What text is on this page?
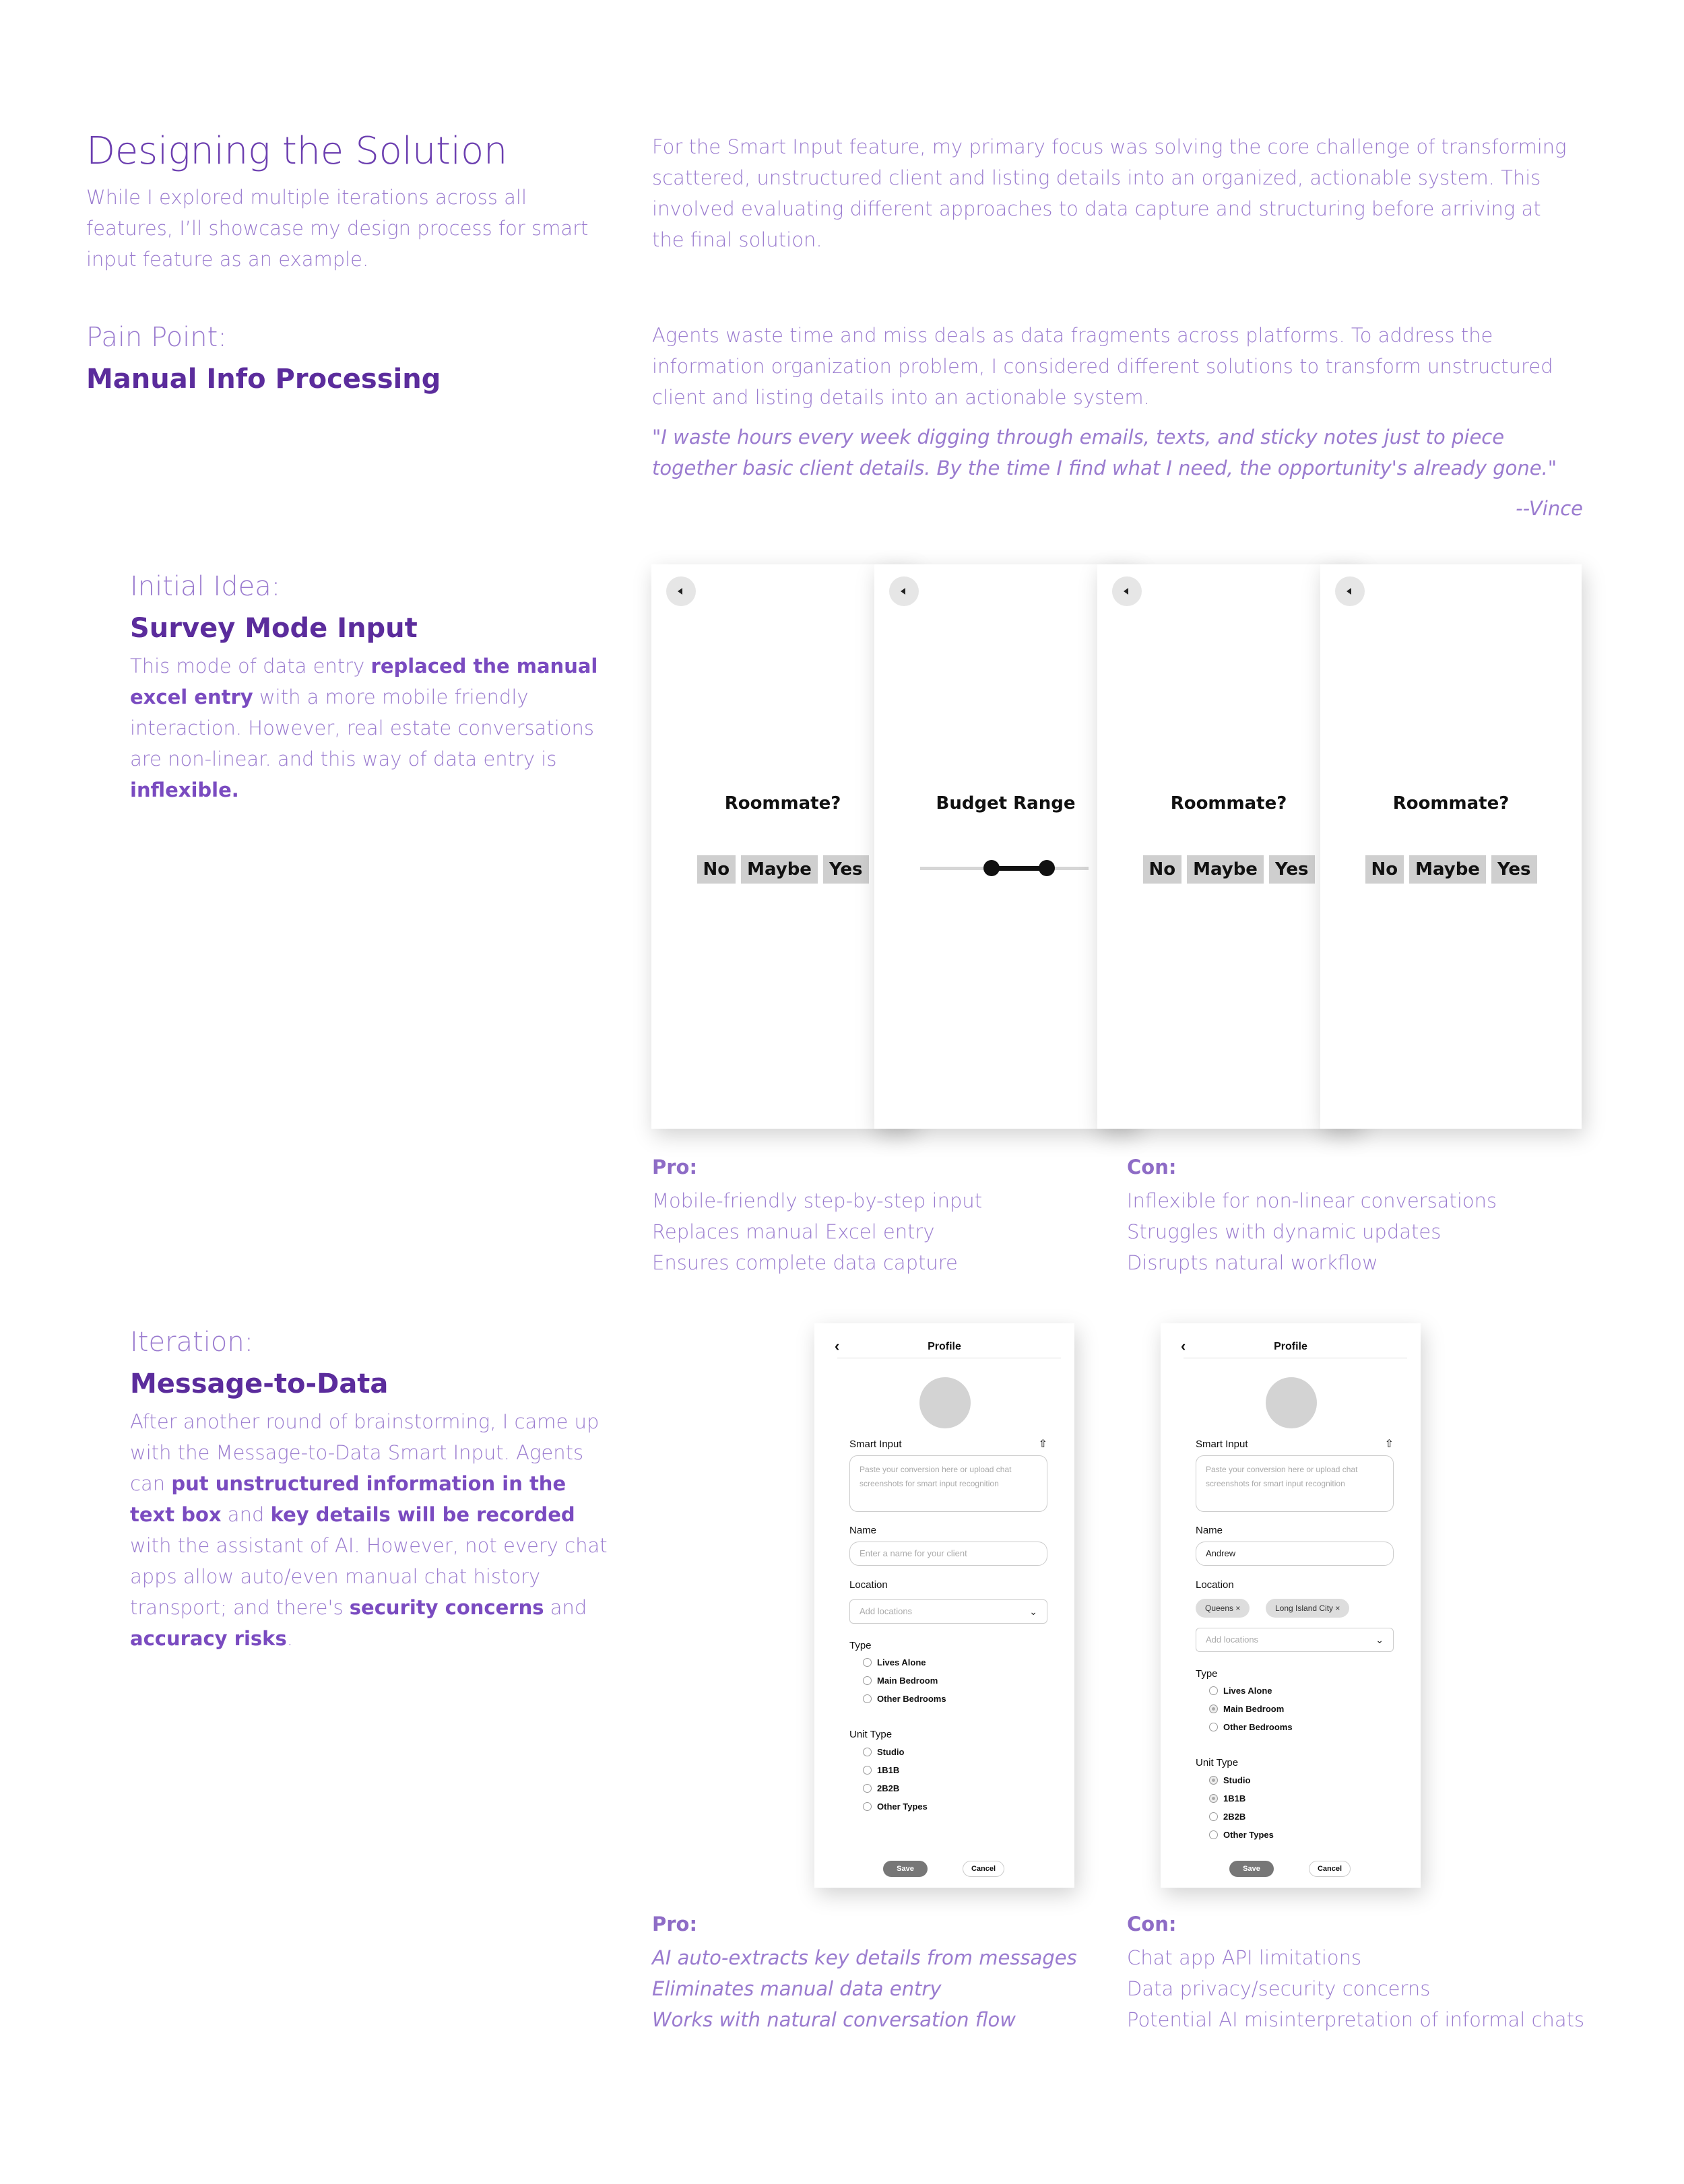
Designing the Solution
While I explored multiple iterations across all features, I’ll showcase my design process for smart input feature as an example.
For the Smart Input feature, my primary focus was solving the core challenge of transforming scattered, unstructured client and listing details into an organized, actionable system. This involved evaluating different approaches to data capture and structuring before arriving at the final solution.
Pain Point:
Manual Info Processing
Agents waste time and miss deals as data fragments across platforms. To address the information organization problem, I considered different solutions to transform unstructured client and listing details into an actionable system.
"I waste hours every week digging through emails, texts, and sticky notes just to piece together basic client details. By the time I find what I need, the opportunity's already gone."
--Vince
Initial Idea:
Survey Mode Input
This mode of data entry replaced the manual excel entry with a more mobile friendly interaction. However, real estate conversations are non-linear. and this way of data entry is inflexible.
Roommate?
No	Maybe	Yes
Budget Range	Roommate?
No	Maybe	Yes
Roommate?
No	Maybe	Yes
Pro:
Mobile-friendly step-by-step input
Replaces manual Excel entry
Ensures complete data capture
Con:
Inflexible for non-linear conversations
Struggles with dynamic updates
Disrupts natural workflow
Iteration:
Message-to-Data
After another round of brainstorming, I came up with the Message-to-Data Smart Input. Agents can put unstructured information in the text box and key details will be recorded with the assistant of AI. However, not every chat apps allow auto/even manual chat history transport; and there's security concerns and accuracy risks.
‹	Profile
Smart Input	⇧
Paste your conversion here or upload chat screenshots for smart input recognition
Name
Enter a name for your client
Location
Add locations	⌄
Type
Lives Alone
Main Bedroom
Other Bedrooms
Unit Type
Studio
1B1B
2B2B
Other Types
Save	Cancel
‹	Profile
Smart Input	⇧
Paste your conversion here or upload chat screenshots for smart input recognition
Name
Andrew
Location
Queens ×	Long Island City ×
Add locations	⌄
Type
Lives Alone
Main Bedroom
Other Bedrooms
Unit Type
Studio
1B1B
2B2B
Other Types
Save	Cancel
Pro:
AI auto-extracts key details from messages
Eliminates manual data entry
Works with natural conversation flow
Con:
Chat app API limitations
Data privacy/security concerns
Potential AI misinterpretation of informal chats
